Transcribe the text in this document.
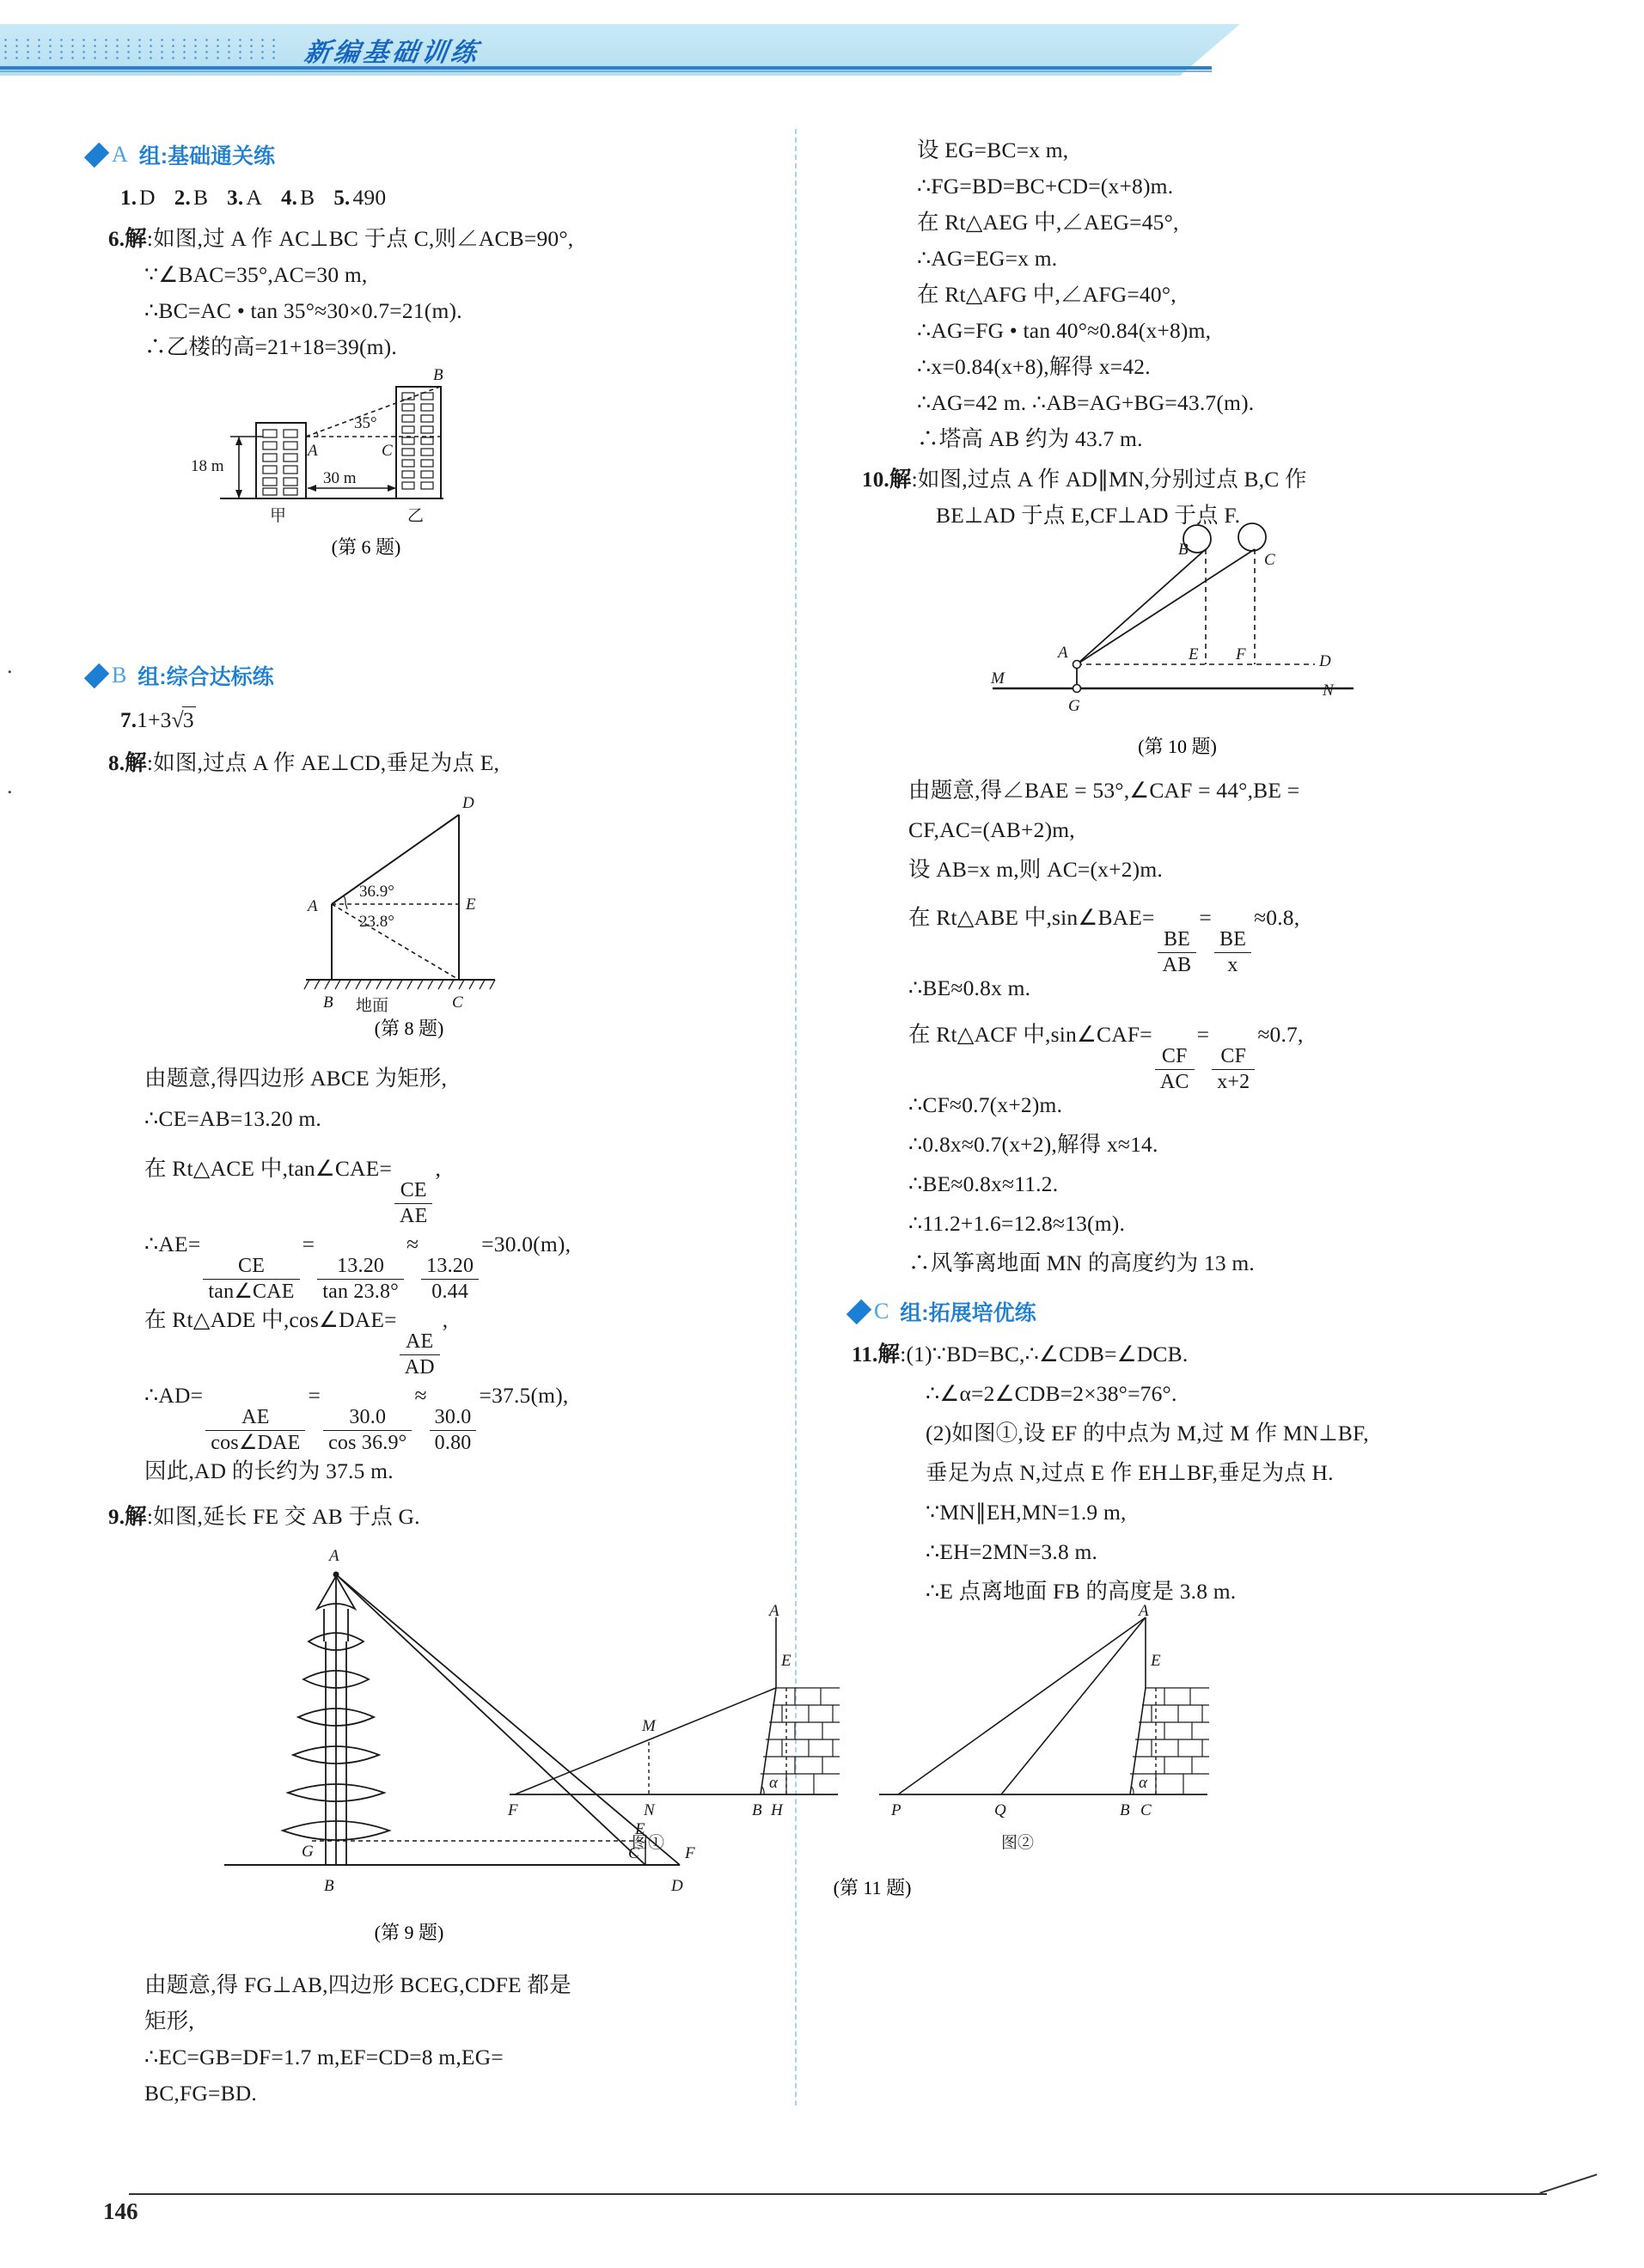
新编基础训练
.
.
A
组:基础通关练
1. D 2. B 3. A 4. B 5. 490
6.解:如图,过 A 作 AC⊥BC 于点 C,则∠ACB=90°,
∵∠BAC=35°,AC=30 m,
∴BC=AC • tan 35°≈30×0.7=21(m).
∴乙楼的高=21+18=39(m).
18 m
30 m
A	C
B
35°
甲	乙
(第 6 题)
B
组:综合达标练
7.1+3√3
8.解:如图,过点 A 作 AE⊥CD,垂足为点 E,
A
D
E
B	C
地面
36.9°
23.8°
(第 8 题)
由题意,得四边形 ABCE 为矩形,
∴CE=AB=13.20 m.
在 Rt△ACE 中,tan∠CAE=
$\frac{CE}{AE}$
,
∴AE=
$\frac{CE}{\text{tan∠CAE}}$
=
$\frac{13.20}{\tan 23.8^\circ}$
≈
$\frac{13.20}{0.44}$
=30.0(m),
在 Rt△ADE 中,cos∠DAE=
$\frac{AE}{AD}$
,
∴AD=
$\frac{AE}{\text{cos∠DAE}}$
=
$\frac{30.0}{\cos 36.9^\circ}$
≈
$\frac{30.0}{0.80}$
=37.5(m),
因此,AD 的长约为 37.5 m.
9.解:如图,延长 FE 交 AB 于点 G.
A
G
B
C
E
D
F
(第 9 题)
由题意,得 FG⊥AB,四边形 BCEG,CDFE 都是
矩形,
∴EC=GB=DF=1.7 m,EF=CD=8 m,EG=
BC,FG=BD.
设 EG=BC=x m,
∴FG=BD=BC+CD=(x+8)m.
在 Rt△AEG 中,∠AEG=45°,
∴AG=EG=x m.
在 Rt△AFG 中,∠AFG=40°,
∴AG=FG • tan 40°≈0.84(x+8)m,
∴x=0.84(x+8),解得 x=42.
∴AG=42 m. ∴AB=AG+BG=43.7(m).
∴塔高 AB 约为 43.7 m.
10.解:如图,过点 A 作 AD∥MN,分别过点 B,C 作
BE⊥AD 于点 E,CF⊥AD 于点 F.
B
C
A	E F	D
M
G
N
(第 10 题)
由题意,得∠BAE = 53°,∠CAF = 44°,BE =
CF,AC=(AB+2)m,
设 AB=x m,则 AC=(x+2)m.
在 Rt△ABE 中,sin∠BAE=
$\frac{BE}{AB}$
=
$\frac{BE}{x}$
≈0.8,
∴BE≈0.8x m.
在 Rt△ACF 中,sin∠CAF=
$\frac{CF}{AC}$
=
$\frac{CF}{x+2}$
≈0.7,
∴CF≈0.7(x+2)m.
∴0.8x≈0.7(x+2),解得 x≈14.
∴BE≈0.8x≈11.2.
∴11.2+1.6=12.8≈13(m).
∴风筝离地面 MN 的高度约为 13 m.
C
组:拓展培优练
11.解:(1)∵BD=BC,∴∠CDB=∠DCB.
∴∠α=2∠CDB=2×38°=76°.
(2)如图①,设 EF 的中点为 M,过 M 作 MN⊥BF,
垂足为点 N,过点 E 作 EH⊥BF,垂足为点 H.
∵MN∥EH,MN=1.9 m,
∴EH=2MN=3.8 m.
∴E 点离地面 FB 的高度是 3.8 m.
A
E
M
F	N	B H
α
图①
A
E
P	Q	B C
α
图②
(第 11 题)
146
